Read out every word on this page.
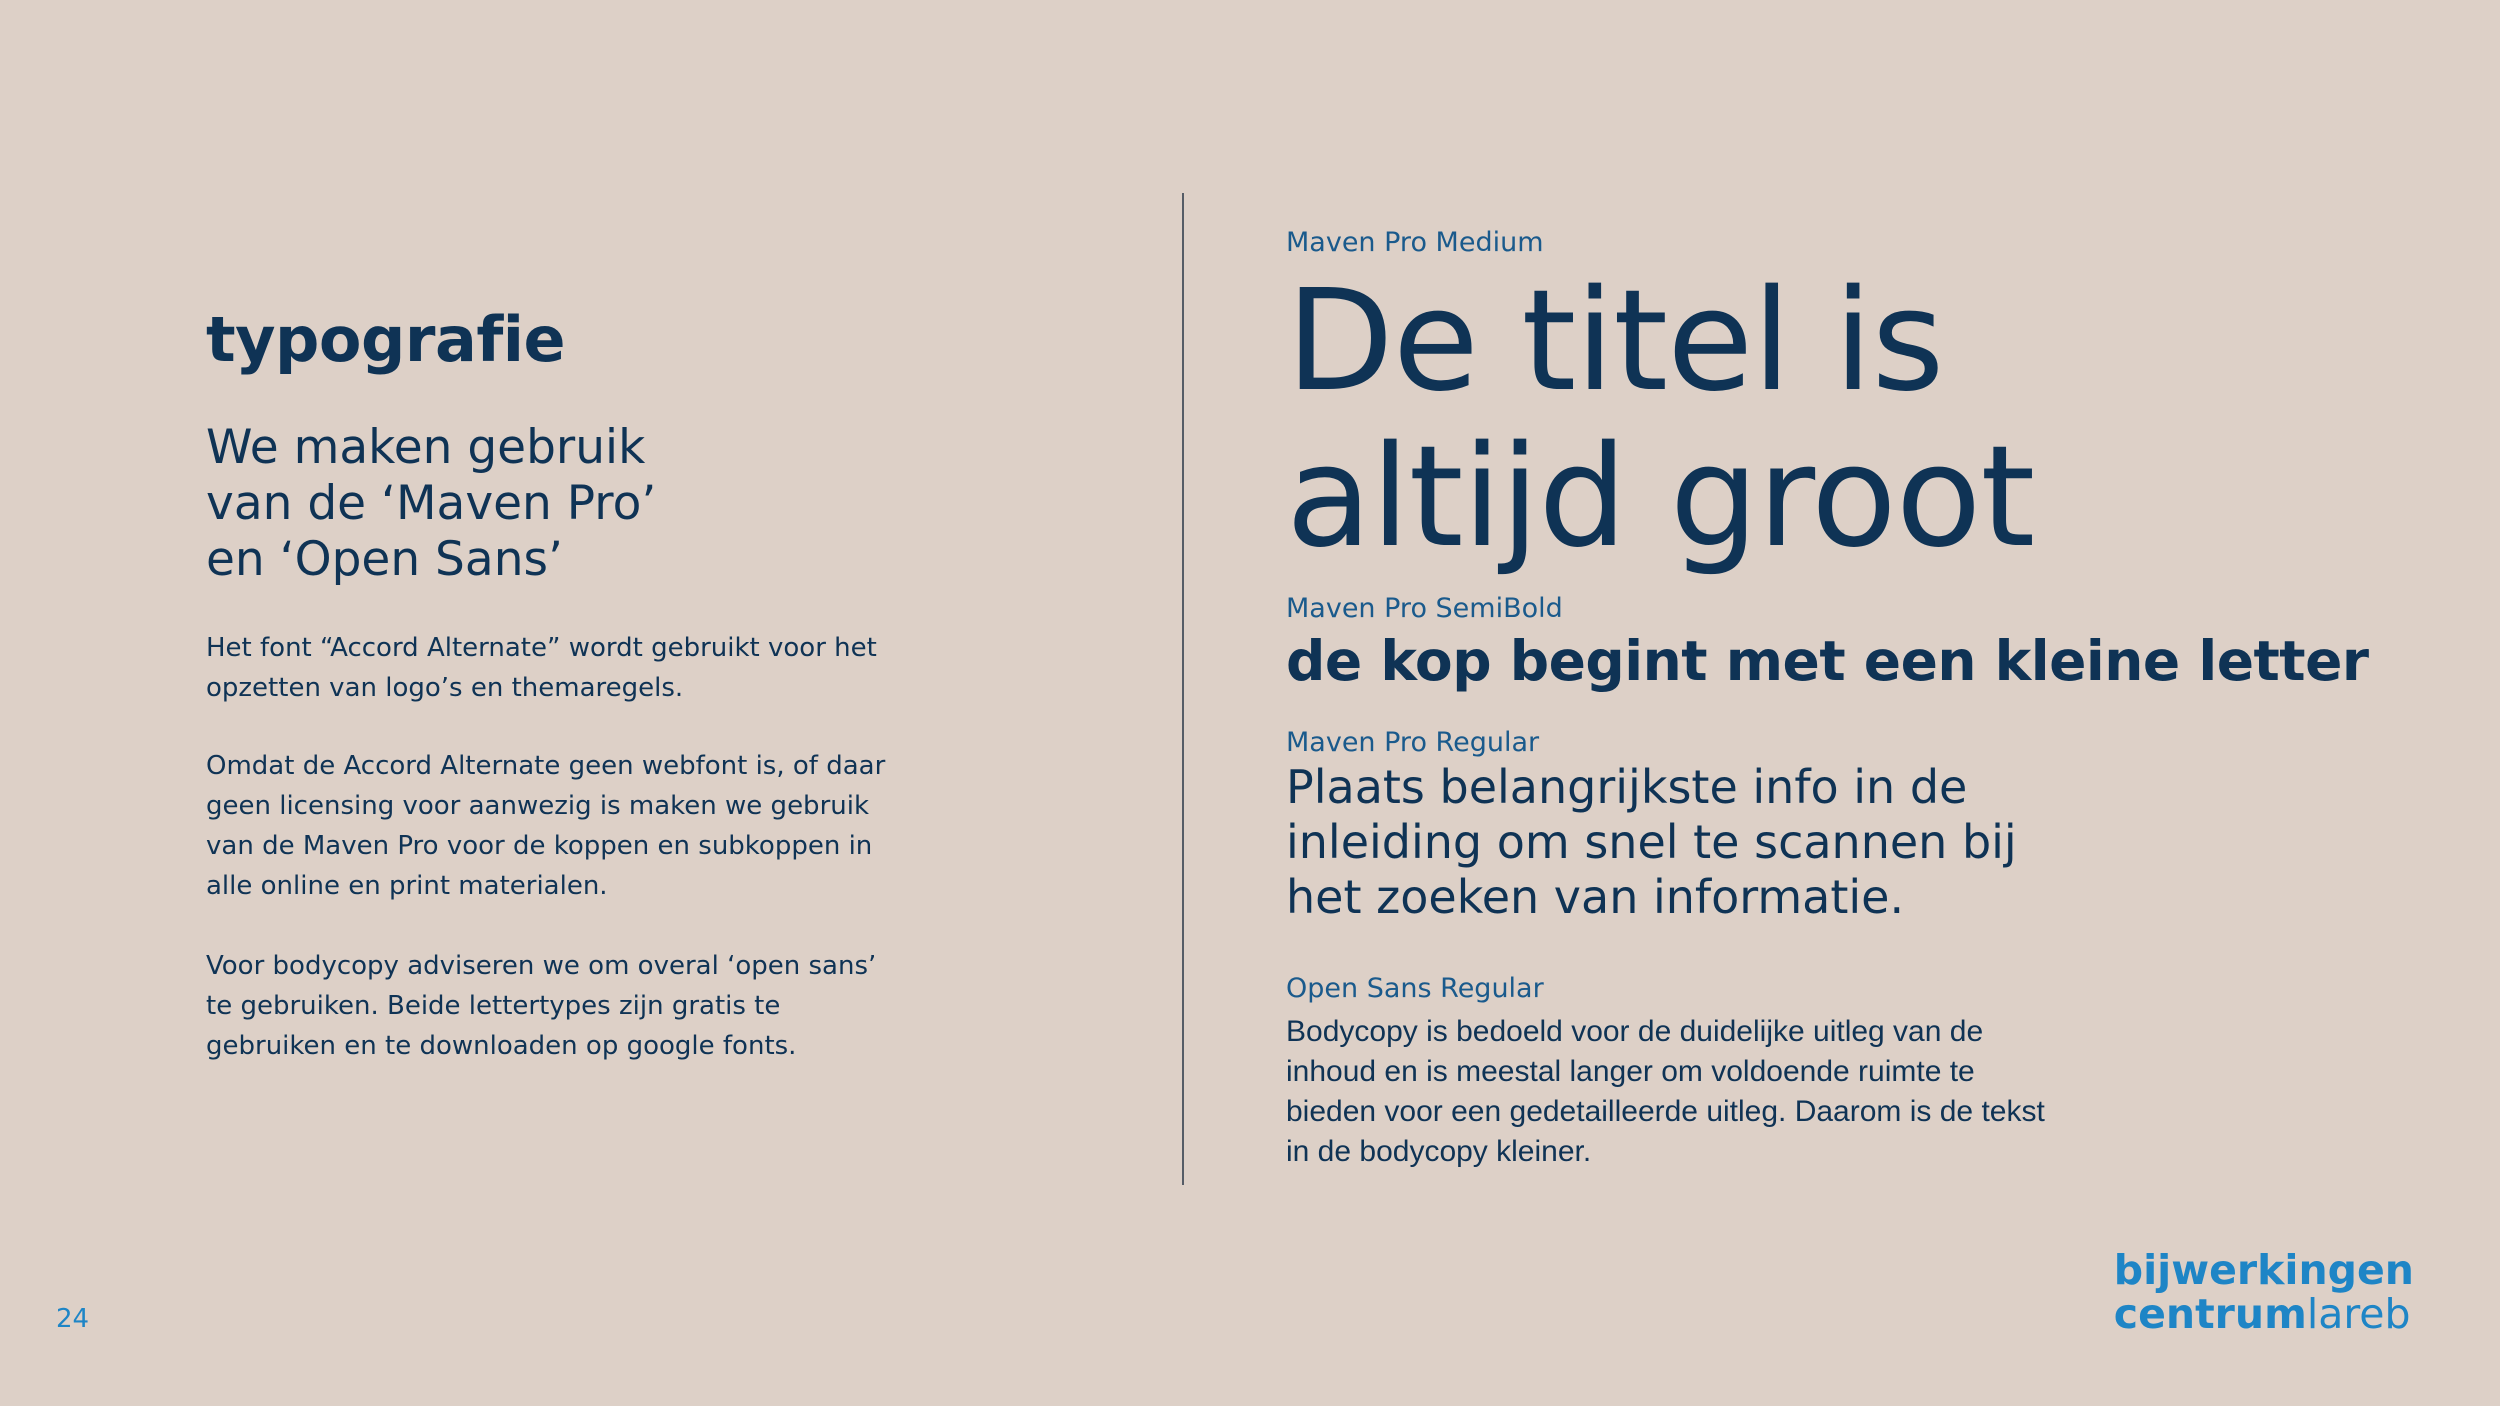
typografie
We maken gebruik
van de ‘Maven Pro’
en ‘Open Sans’

Het font “Accord Alternate” wordt gebruikt voor het
opzetten van logo’s en themaregels.

Omdat de Accord Alternate geen webfont is, of daar
geen licensing voor aanwezig is maken we gebruik
van de Maven Pro voor de koppen en subkoppen in
alle online en print materialen.

Voor bodycopy adviseren we om overal ‘open sans’
te gebruiken. Beide lettertypes zijn gratis te
gebruiken en te downloaden op google fonts.

Maven Pro Medium
De titel is
altijd groot
Maven Pro SemiBold
de kop begint met een kleine letter
Maven Pro Regular
Plaats belangrijkste info in de
inleiding om snel te scannen bij
het zoeken van informatie.
Open Sans Regular
Bodycopy is bedoeld voor de duidelijke uitleg van de
inhoud en is meestal langer om voldoende ruimte te
bieden voor een gedetailleerde uitleg. Daarom is de tekst
in de bodycopy kleiner.
24
bijwerkingen
centrumlareb
